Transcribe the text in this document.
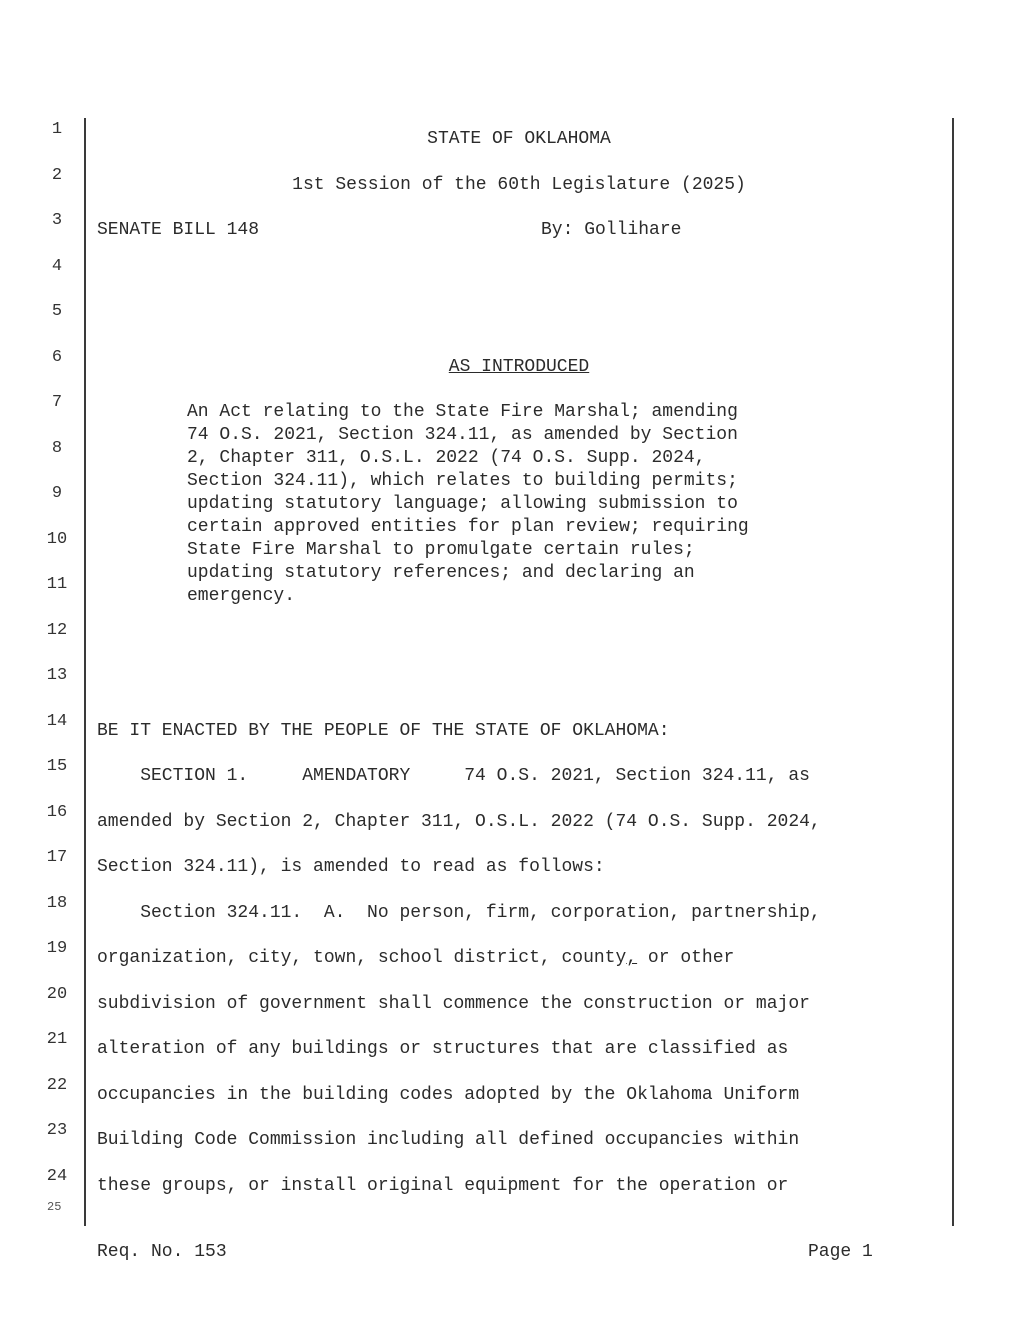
1
2
3
4
5
6
7
8
9
10
11
12
13
14
15
16
17
18
19
20
21
22
23
24
25
STATE OF OKLAHOMA
1st Session of the 60th Legislature (2025)
SENATE BILL 148	By: Gollihare
AS INTRODUCED
An Act relating to the State Fire Marshal; amending
74 O.S. 2021, Section 324.11, as amended by Section
2, Chapter 311, O.S.L. 2022 (74 O.S. Supp. 2024,
Section 324.11), which relates to building permits;
updating statutory language; allowing submission to
certain approved entities for plan review; requiring
State Fire Marshal to promulgate certain rules;
updating statutory references; and declaring an
emergency.
BE IT ENACTED BY THE PEOPLE OF THE STATE OF OKLAHOMA:
SECTION 1.     AMENDATORY     74 O.S. 2021, Section 324.11, as
amended by Section 2, Chapter 311, O.S.L. 2022 (74 O.S. Supp. 2024,
Section 324.11), is amended to read as follows:
Section 324.11.  A.  No person, firm, corporation, partnership,
organization, city, town, school district, county, or other
subdivision of government shall commence the construction or major
alteration of any buildings or structures that are classified as
occupancies in the building codes adopted by the Oklahoma Uniform
Building Code Commission including all defined occupancies within
these groups, or install original equipment for the operation or
Req. No. 153	Page 1
